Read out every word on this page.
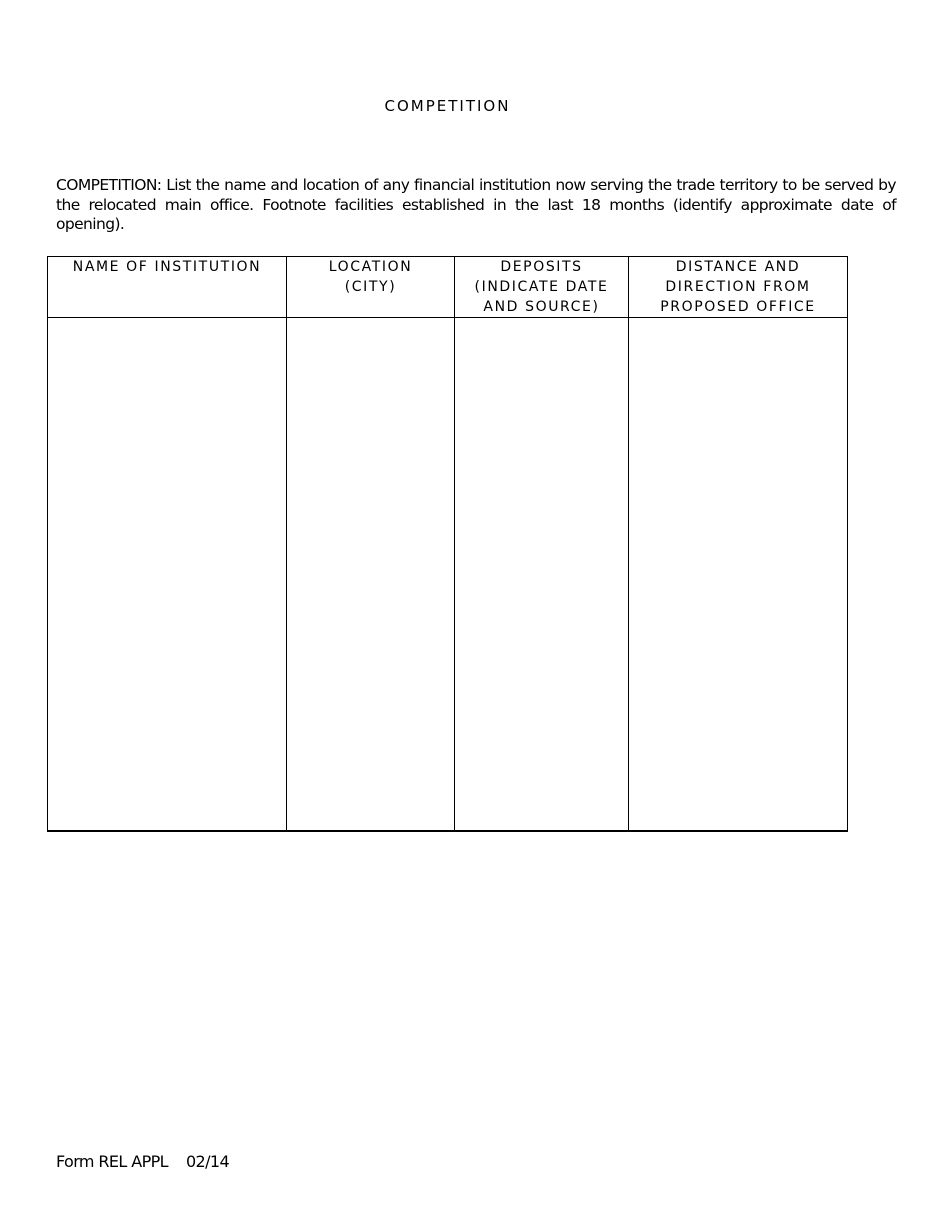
COMPETITION

COMPETITION: List the name and location of any financial institution now serving the trade territory to be served by the relocated main office. Footnote facilities established in the last 18 months (identify approximate date of opening).

NAME OF INSTITUTION	LOCATION (CITY)	DEPOSITS (INDICATE DATE AND SOURCE)	DISTANCE AND DIRECTION FROM PROPOSED OFFICE

Form REL APPL 02/14
